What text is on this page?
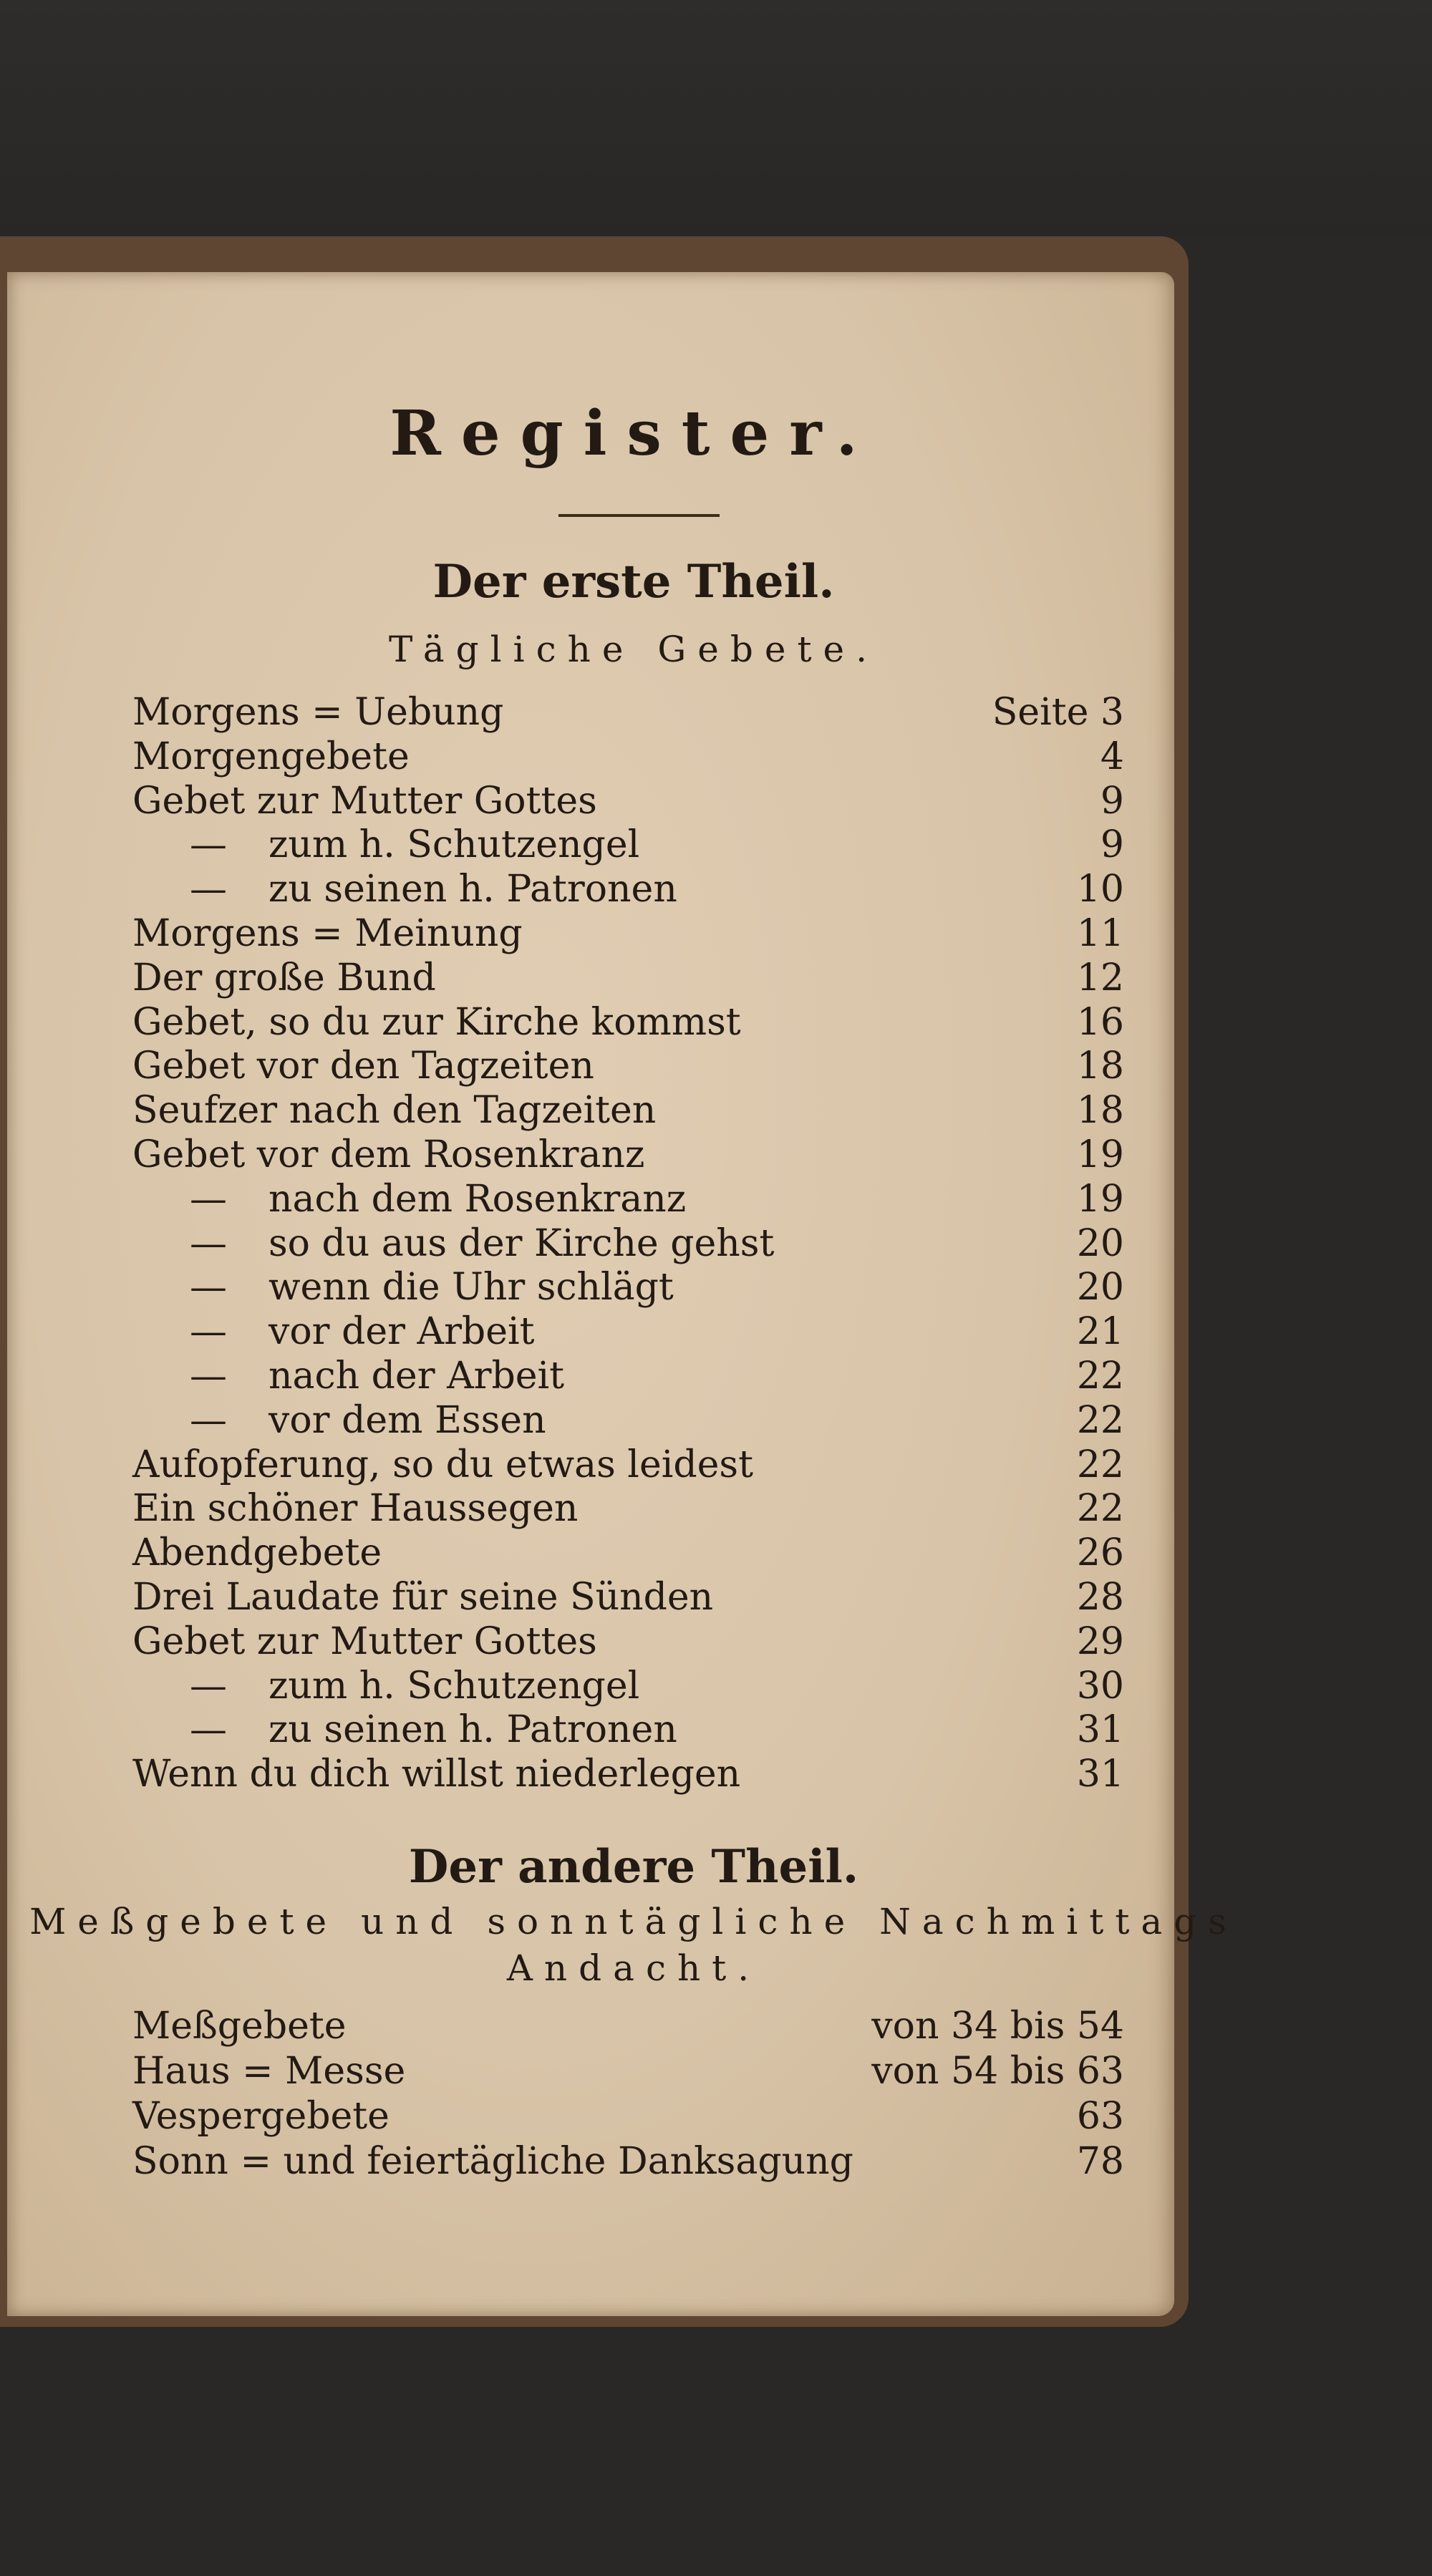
Register.
Der erste Theil.
Tägliche Gebete.
Morgens = Uebung	Seite 3
Morgengebete	4
Gebet zur Mutter Gottes	9
— zum h. Schutzengel	9
— zu seinen h. Patronen	10
Morgens = Meinung	11
Der große Bund	12
Gebet, so du zur Kirche kommst	16
Gebet vor den Tagzeiten	18
Seufzer nach den Tagzeiten	18
Gebet vor dem Rosenkranz	19
— nach dem Rosenkranz	19
— so du aus der Kirche gehst	20
— wenn die Uhr schlägt	20
— vor der Arbeit	21
— nach der Arbeit	22
— vor dem Essen	22
Aufopferung, so du etwas leidest	22
Ein schöner Haussegen	22
Abendgebete	26
Drei Laudate für seine Sünden	28
Gebet zur Mutter Gottes	29
— zum h. Schutzengel	30
— zu seinen h. Patronen	31
Wenn du dich willst niederlegen	31
Der andere Theil.
Meßgebete und sonntägliche Nachmittags
Andacht.
Meßgebete	von 34 bis 54
Haus = Messe	von 54 bis 63
Vespergebete	63
Sonn = und feiertägliche Danksagung	78
